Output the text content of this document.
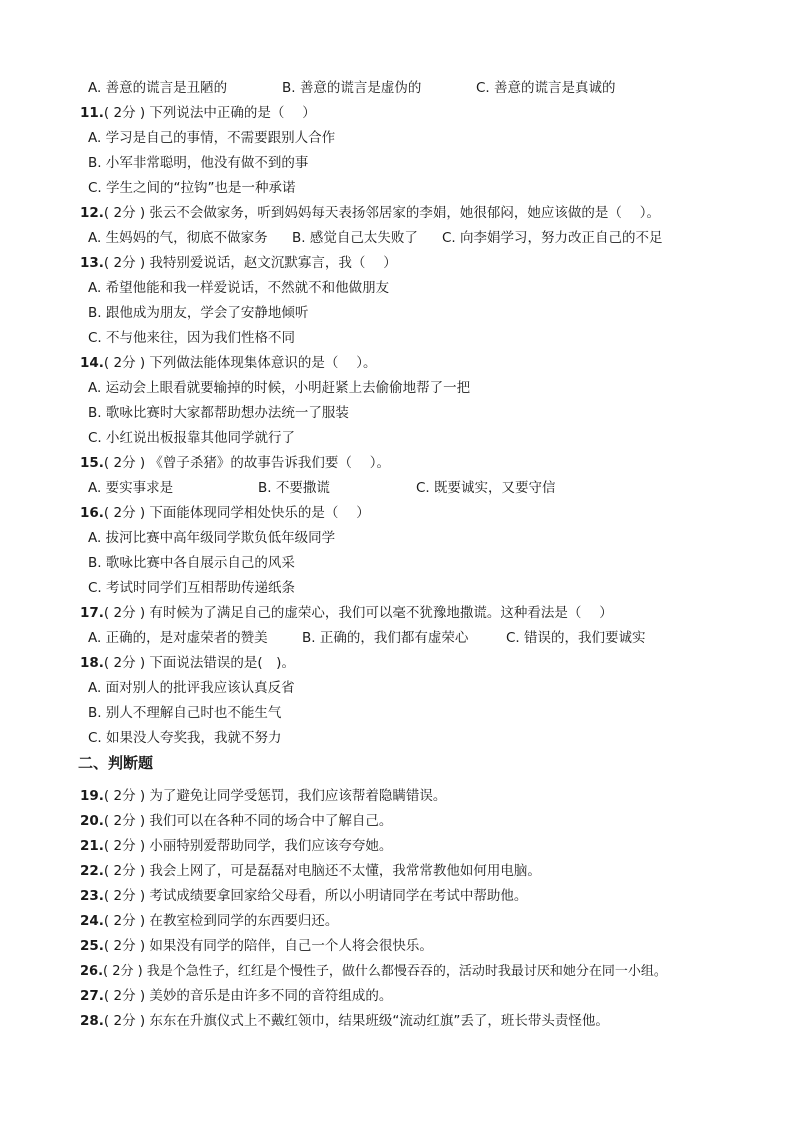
A. 善意的谎言是丑陋的	B. 善意的谎言是虚伪的	C. 善意的谎言是真诚的
11.( 2分 ) 下列说法中正确的是（　 ）
A. 学习是自己的事情，不需要跟别人合作
B. 小军非常聪明，他没有做不到的事
C. 学生之间的“拉钩”也是一种承诺
12.( 2分 ) 张云不会做家务，听到妈妈每天表扬邻居家的李娟，她很郁闷，她应该做的是（　 ）。
A. 生妈妈的气，彻底不做家务 B. 感觉自己太失败了 C. 向李娟学习，努力改正自己的不足
13.( 2分 ) 我特别爱说话，赵文沉默寡言，我（　 ）
A. 希望他能和我一样爱说话，不然就不和他做朋友
B. 跟他成为朋友，学会了安静地倾听
C. 不与他来往，因为我们性格不同
14.( 2分 ) 下列做法能体现集体意识的是（　 ）。
A. 运动会上眼看就要输掉的时候，小明赶紧上去偷偷地帮了一把
B. 歌咏比赛时大家都帮助想办法统一了服装
C. 小红说出板报靠其他同学就行了
15.( 2分 ) 《曾子杀猪》的故事告诉我们要（　 ）。
A. 要实事求是	B. 不要撒谎	C. 既要诚实，又要守信
16.( 2分 ) 下面能体现同学相处快乐的是（　 ）
A. 拔河比赛中高年级同学欺负低年级同学
B. 歌咏比赛中各自展示自己的风采
C. 考试时同学们互相帮助传递纸条
17.( 2分 ) 有时候为了满足自己的虚荣心，我们可以毫不犹豫地撒谎。这种看法是（　 ）
A. 正确的，是对虚荣者的赞美	B. 正确的，我们都有虚荣心	C. 错误的，我们要诚实
18.( 2分 ) 下面说法错误的是(　)。
A. 面对别人的批评我应该认真反省
B. 别人不理解自己时也不能生气
C. 如果没人夸奖我，我就不努力
二、判断题
19.( 2分 ) 为了避免让同学受惩罚，我们应该帮着隐瞒错误。
20.( 2分 ) 我们可以在各种不同的场合中了解自己。
21.( 2分 ) 小丽特别爱帮助同学，我们应该夸夸她。
22.( 2分 ) 我会上网了，可是磊磊对电脑还不太懂，我常常教他如何用电脑。
23.( 2分 ) 考试成绩要拿回家给父母看，所以小明请同学在考试中帮助他。
24.( 2分 ) 在教室检到同学的东西要归还。
25.( 2分 ) 如果没有同学的陪伴，自己一个人将会很快乐。
26.( 2分 ) 我是个急性子，红红是个慢性子，做什么都慢吞吞的，活动时我最讨厌和她分在同一小组。
27.( 2分 ) 美妙的音乐是由许多不同的音符组成的。
28.( 2分 ) 东东在升旗仪式上不戴红领巾，结果班级“流动红旗”丢了，班长带头责怪他。
